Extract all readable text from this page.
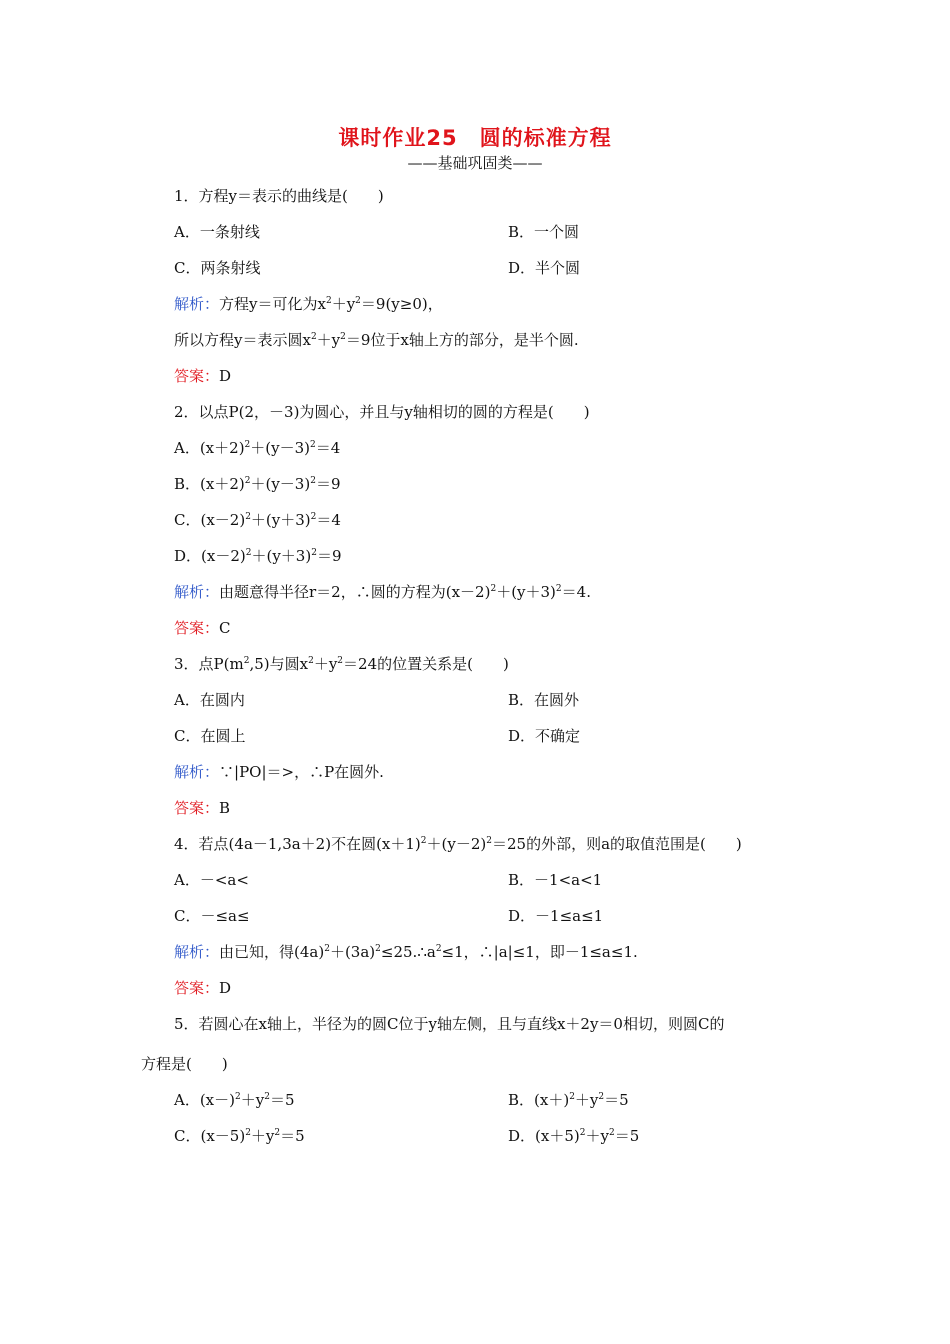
课时作业25　圆的标准方程
——基础巩固类——
1．方程y＝表示的曲线是(　　)
A．一条射线	B．一个圆
C．两条射线	D．半个圆
解析：方程y＝可化为$x^2+y^2=9(y\ge 0)$，
所以方程y＝表示圆$x^2+y^2=9$位于x轴上方的部分，是半个圆.
答案：D
2．以点P(2，－3)为圆心，并且与y轴相切的圆的方程是(　　)
A．$(x+2)^2+(y-3)^2=4$
B．$(x+2)^2+(y-3)^2=9$
C．$(x-2)^2+(y+3)^2=4$
D．$(x-2)^2+(y+3)^2=9$
解析：由题意得半径r＝2，∴圆的方程为$(x-2)^2+(y+3)^2=4$.
答案：C
3．点$P(m^2,5)$与圆$x^2+y^2=24$的位置关系是(　　)
A．在圆内	B．在圆外
C．在圆上	D．不确定
解析：∵|PO|＝>，∴P在圆外.
答案：B
4．若点(4a－1,3a＋2)不在圆$(x+1)^2+(y-2)^2=25$的外部，则a的取值范围是(　　)
A．－<a<	B．－1<a<1
C．－≤a≤	D．－1≤a≤1
解析：由已知，得$(4a)^2+(3a)^2\le 25.\therefore a^2\le 1$，∴|a|≤1，即－1≤a≤1.
答案：D
5．若圆心在x轴上，半径为的圆C位于y轴左侧，且与直线x＋2y＝0相切，则圆C的
方程是(　　)
A．$(x-)^2+y^2=5$	B．$(x+)^2+y^2=5$
C．$(x-5)^2+y^2=5$	D．$(x+5)^2+y^2=5$
